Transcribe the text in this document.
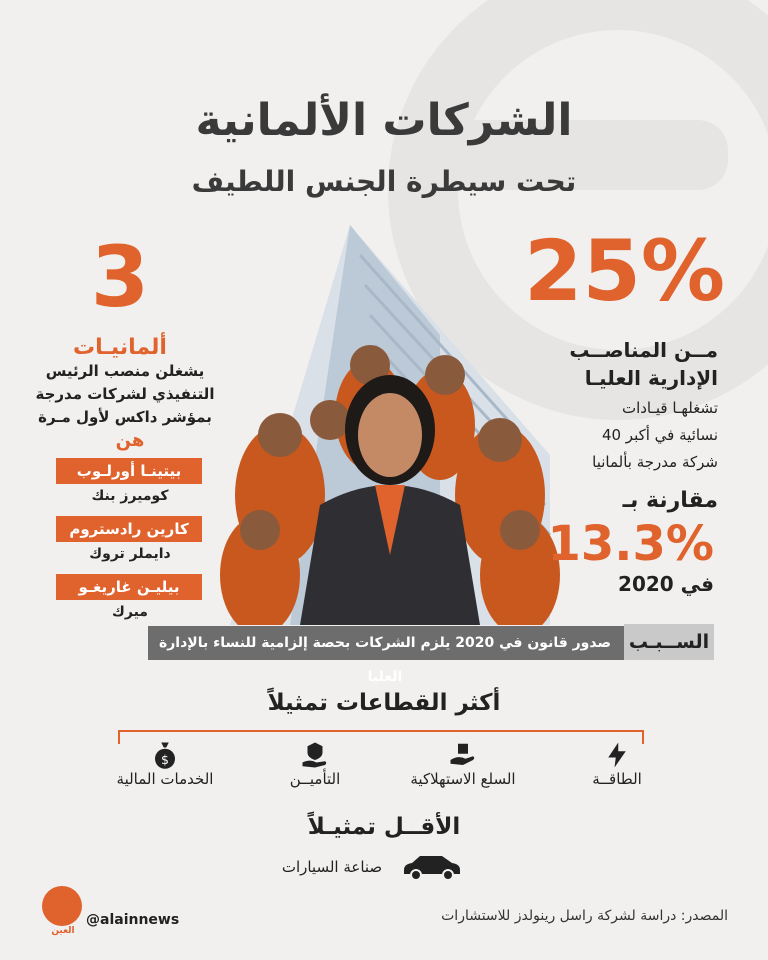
الشركات الألمانية
تحت سيطرة الجنس اللطيف
3
ألمانيـات
يشغلن منصب الرئيس
التنفيذي لشركات مدرجة
بمؤشر داكس لأول مـرة
هن
بيتينـا أورلـوب
كوميرز بنك
كارين رادستروم
دايملر تروك
بيليـن غاريغـو
ميرك
25%
مــن المناصــب
الإدارية العليـا
تشغلهـا قيـادات
نسائية في أكبر 40
شركة مدرجة بألمانيا
مقارنة بـ
13.3%
في 2020
صدور قانون في 2020 يلزم الشركات بحصة إلزامية للنساء بالإدارة العليا
الســبـب
أكثر القطاعات تمثيلاً
الطاقــة
السلع الاستهلاكية
التأميــن
$
الخدمات المالية
الأقــل تمثيـلاً
صناعة السيارات
المصدر: دراسة لشركة راسل رينولدز للاستشارات
العين
@alainnews
